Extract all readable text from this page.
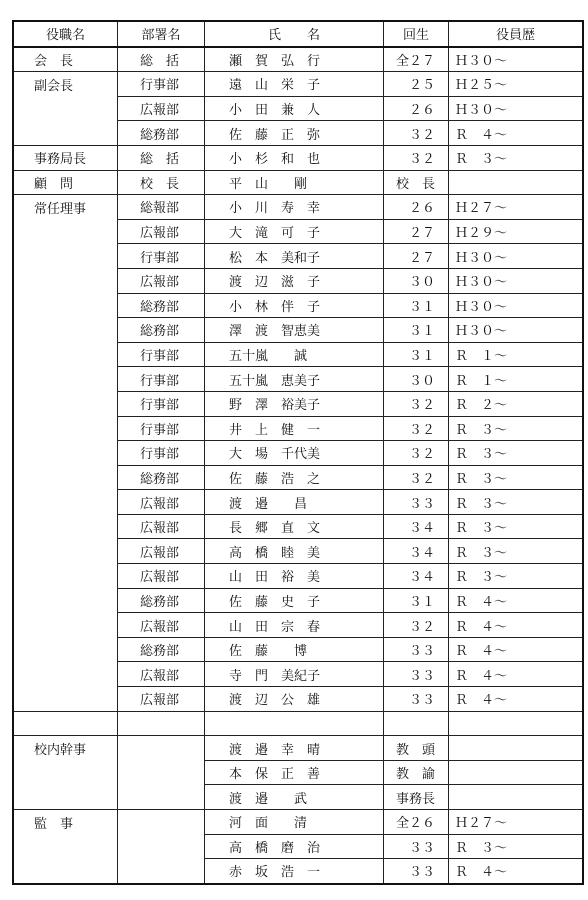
役職名	部署名	氏　　名	回生	役員歴
会　長	総　括	瀬　賀　弘　行	全２７	Ｈ３０～
副会長	行事部	遠　山　栄　子	　２５	Ｈ２５～
	広報部	小　田　兼　人	　２６	Ｈ３０～
	総務部	佐　藤　正　弥	　３２	Ｒ　４～
事務局長	総　括	小　杉　和　也	　３２	Ｒ　３～
顧　問	校　長	平　山　　剛	校　長	
常任理事	総報部	小　川　寿　幸	　２６	Ｈ２７～
	広報部	大　滝　可　子	　２７	Ｈ２９～
	行事部	松　本　美和子	　２７	Ｈ３０～
	広報部	渡　辺　滋　子	　３０	Ｈ３０～
	総務部	小　林　伴　子	　３１	Ｈ３０～
	総務部	澤　渡　智恵美	　３１	Ｈ３０～
	行事部	五十嵐　　誠	　３１	Ｒ　１～
	行事部	五十嵐　恵美子	　３０	Ｒ　１～
	行事部	野　澤　裕美子	　３２	Ｒ　２～
	行事部	井　上　健　一	　３２	Ｒ　３～
	行事部	大　場　千代美	　３２	Ｒ　３～
	総務部	佐　藤　浩　之	　３２	Ｒ　３～
	広報部	渡　邉　　昌	　３３	Ｒ　３～
	広報部	長　郷　直　文	　３４	Ｒ　３～
	広報部	高　橋　睦　美	　３４	Ｒ　３～
	広報部	山　田　裕　美	　３４	Ｒ　３～
	総務部	佐　藤　史　子	　３１	Ｒ　４～
	広報部	山　田　宗　春	　３２	Ｒ　４～
	総務部	佐　藤　　博	　３３	Ｒ　４～
	広報部	寺　門　美紀子	　３３	Ｒ　４～
	広報部	渡　辺　公　雄	　３３	Ｒ　４～

校内幹事		渡　邉　幸　晴	教　頭	
		本　保　正　善	教　諭	
		渡　邉　　武	事務長	
監　事		河　面　　清	全２６	Ｈ２７～
		高　橋　磨　治	　３３	Ｒ　３～
		赤　坂　浩　一	　３３	Ｒ　４～
